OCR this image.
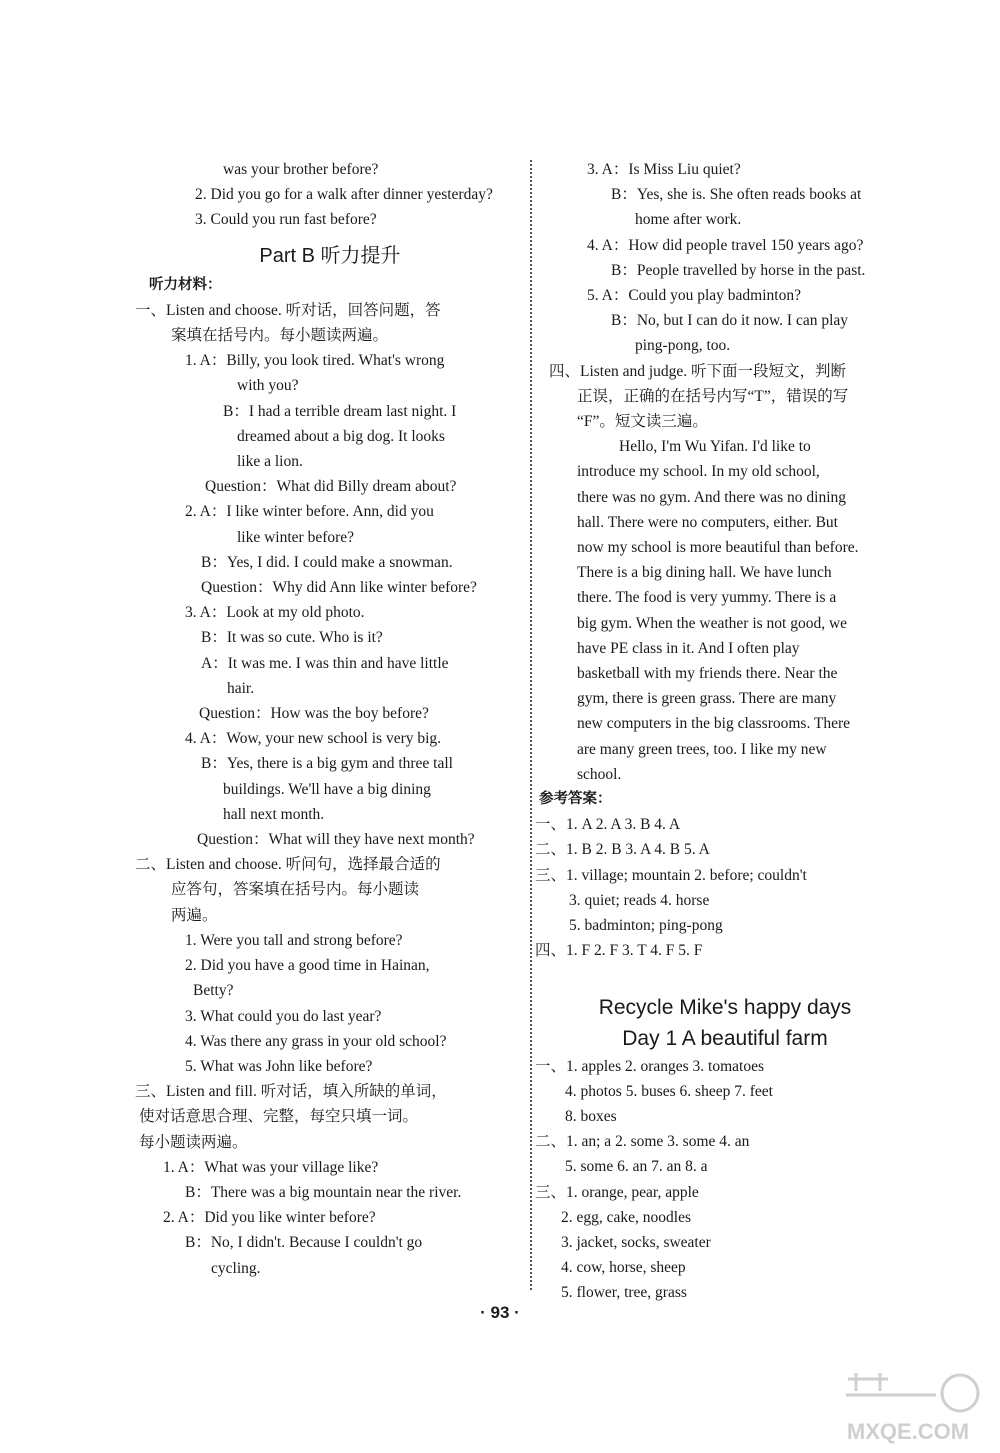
was your brother before?
2. Did you go for a walk after dinner yesterday?
3. Could you run fast before?
Part B 听力提升
听力材料：
一、Listen and choose. 听对话，回答问题，答
案填在括号内。每小题读两遍。
1. A：Billy, you look tired. What's wrong
with you?
B：I had a terrible dream last night. I
dreamed about a big dog. It looks
like a lion.
Question：What did Billy dream about?
2. A：I like winter before. Ann, did you
like winter before?
B：Yes, I did. I could make a snowman.
Question：Why did Ann like winter before?
3. A：Look at my old photo.
B：It was so cute. Who is it?
A：It was me. I was thin and have little
hair.
Question：How was the boy before?
4. A：Wow, your new school is very big.
B：Yes, there is a big gym and three tall
buildings. We'll have a big dining
hall next month.
Question：What will they have next month?
二、Listen and choose. 听问句，选择最合适的
应答句，答案填在括号内。每小题读
两遍。
1. Were you tall and strong before?
2. Did you have a good time in Hainan,
Betty?
3. What could you do last year?
4. Was there any grass in your old school?
5. What was John like before?
三、Listen and fill. 听对话，填入所缺的单词，
使对话意思合理、完整，每空只填一词。
每小题读两遍。
1. A：What was your village like?
B：There was a big mountain near the river.
2. A：Did you like winter before?
B：No, I didn't. Because I couldn't go
cycling.
3. A：Is Miss Liu quiet?
B：Yes, she is. She often reads books at
home after work.
4. A：How did people travel 150 years ago?
B：People travelled by horse in the past.
5. A：Could you play badminton?
B：No, but I can do it now. I can play
ping-pong, too.
四、Listen and judge. 听下面一段短文，判断
正误，正确的在括号内写“T”，错误的写
“F”。短文读三遍。
Hello, I'm Wu Yifan. I'd like to
introduce my school. In my old school,
there was no gym. And there was no dining
hall. There were no computers, either. But
now my school is more beautiful than before.
There is a big dining hall. We have lunch
there. The food is very yummy. There is a
big gym. When the weather is not good, we
have PE class in it. And I often play
basketball with my friends there. Near the
gym, there is green grass. There are many
new computers in the big classrooms. There
are many green trees, too. I like my new
school.
参考答案：
一、1. A 2. A 3. B 4. A
二、1. B 2. B 3. A 4. B 5. A
三、1. village; mountain 2. before; couldn't
3. quiet; reads 4. horse
5. badminton; ping-pong
四、1. F 2. F 3. T 4. F 5. F
Recycle Mike's happy days
Day 1 A beautiful farm
一、1. apples 2. oranges 3. tomatoes
4. photos 5. buses 6. sheep 7. feet
8. boxes
二、1. an; a 2. some 3. some 4. an
5. some 6. an 7. an 8. a
三、1. orange, pear, apple
2. egg, cake, noodles
3. jacket, socks, sweater
4. cow, horse, sheep
5. flower, tree, grass
· 93 ·
MXQE.COM
